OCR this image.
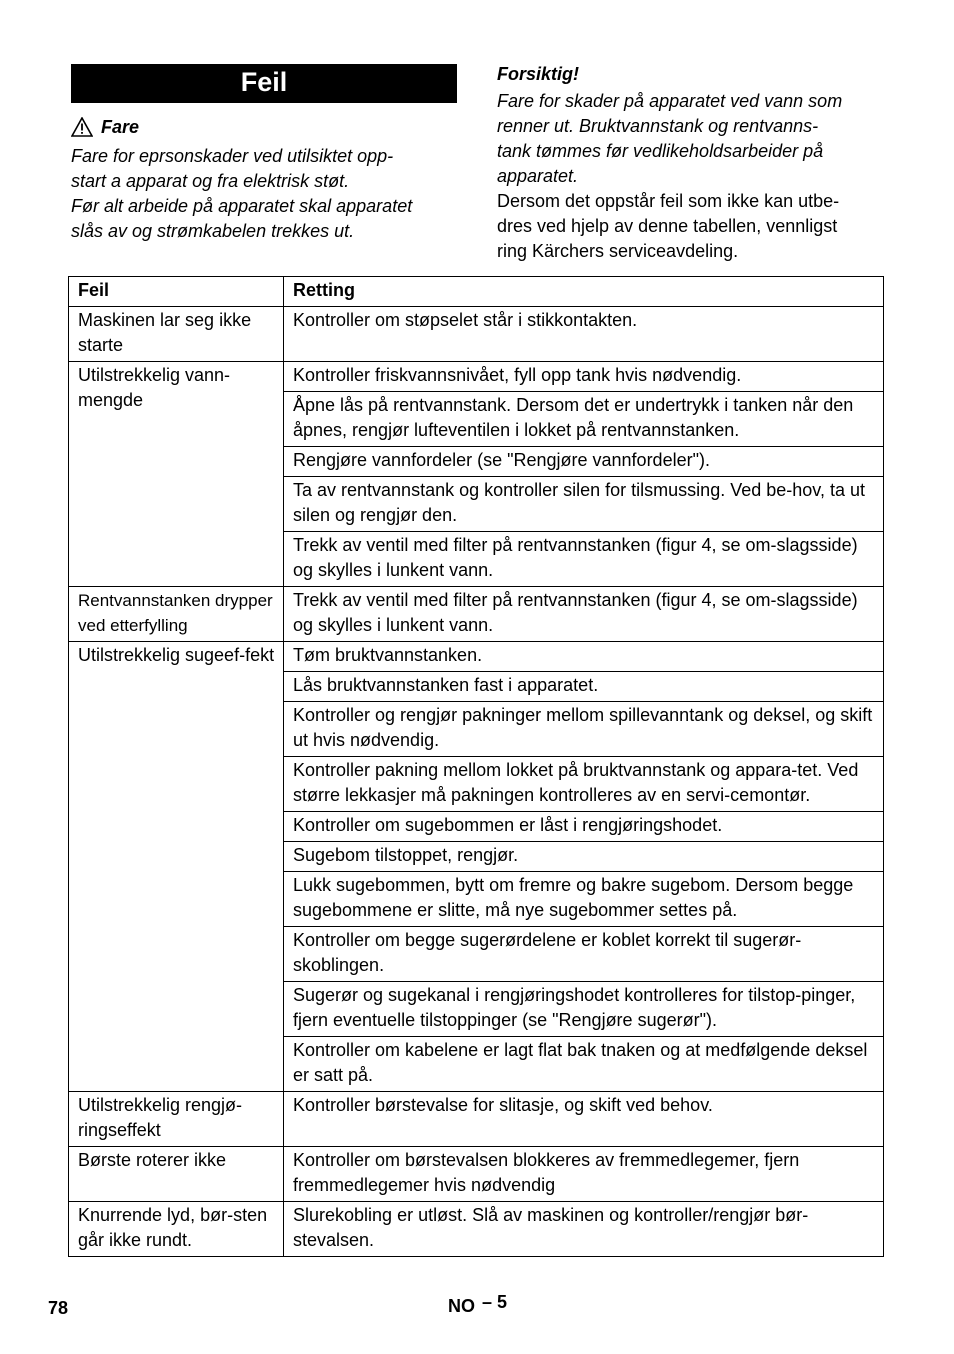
Feil
Fare
Fare for eprsonskader ved utilsiktet opp-
start a apparat og fra elektrisk støt.
Før alt arbeide på apparatet skal apparatet
slås av og strømkabelen trekkes ut.
Forsiktig!
Fare for skader på apparatet ved vann som
renner ut. Bruktvannstank og rentvanns-
tank tømmes før vedlikeholdsarbeider på
apparatet.
Dersom det oppstår feil som ikke kan utbe-
dres ved hjelp av denne tabellen, vennligst
ring Kärchers serviceavdeling.
Feil	Retting
Maskinen lar seg ikke starte	Kontroller om støpselet står i stikkontakten.
Utilstrekkelig vann-mengde	Kontroller friskvannsnivået, fyll opp tank hvis nødvendig.
	Åpne lås på rentvannstank. Dersom det er undertrykk i tanken når den åpnes, rengjør lufteventilen i lokket på rentvannstanken.
	Rengjøre vannfordeler (se "Rengjøre vannfordeler").
	Ta av rentvannstank og kontroller silen for tilsmussing. Ved be-hov, ta ut silen og rengjør den.
	Trekk av ventil med filter på rentvannstanken (figur 4, se om-slagsside) og skylles i lunkent vann.
Rentvannstanken drypper ved etterfylling	Trekk av ventil med filter på rentvannstanken (figur 4, se om-slagsside) og skylles i lunkent vann.
Utilstrekkelig sugeef-fekt	Tøm bruktvannstanken.
	Lås bruktvannstanken fast i apparatet.
	Kontroller og rengjør pakninger mellom spillevanntank og deksel, og skift ut hvis nødvendig.
	Kontroller pakning mellom lokket på bruktvannstank og appara-tet. Ved større lekkasjer må pakningen kontrolleres av en servi-cemontør.
	Kontroller om sugebommen er låst i rengjøringshodet.
	Sugebom tilstoppet, rengjør.
	Lukk sugebommen, bytt om fremre og bakre sugebom. Dersom begge sugebommene er slitte, må nye sugebommer settes på.
	Kontroller om begge sugerørdelene er koblet korrekt til sugerør-skoblingen.
	Sugerør og sugekanal i rengjøringshodet kontrolleres for tilstop-pinger, fjern eventuelle tilstoppinger (se "Rengjøre sugerør").
	Kontroller om kabelene er lagt flat bak tnaken og at medfølgende deksel er satt på.
Utilstrekkelig rengjø-ringseffekt	Kontroller børstevalse for slitasje, og skift ved behov.
Børste roterer ikke	Kontroller om børstevalsen blokkeres av fremmedlegemer, fjern fremmedlegemer hvis nødvendig
Knurrende lyd, bør-sten går ikke rundt.	Slurekobling er utløst. Slå av maskinen og kontroller/rengjør bør-stevalsen.
78	NO – 5
